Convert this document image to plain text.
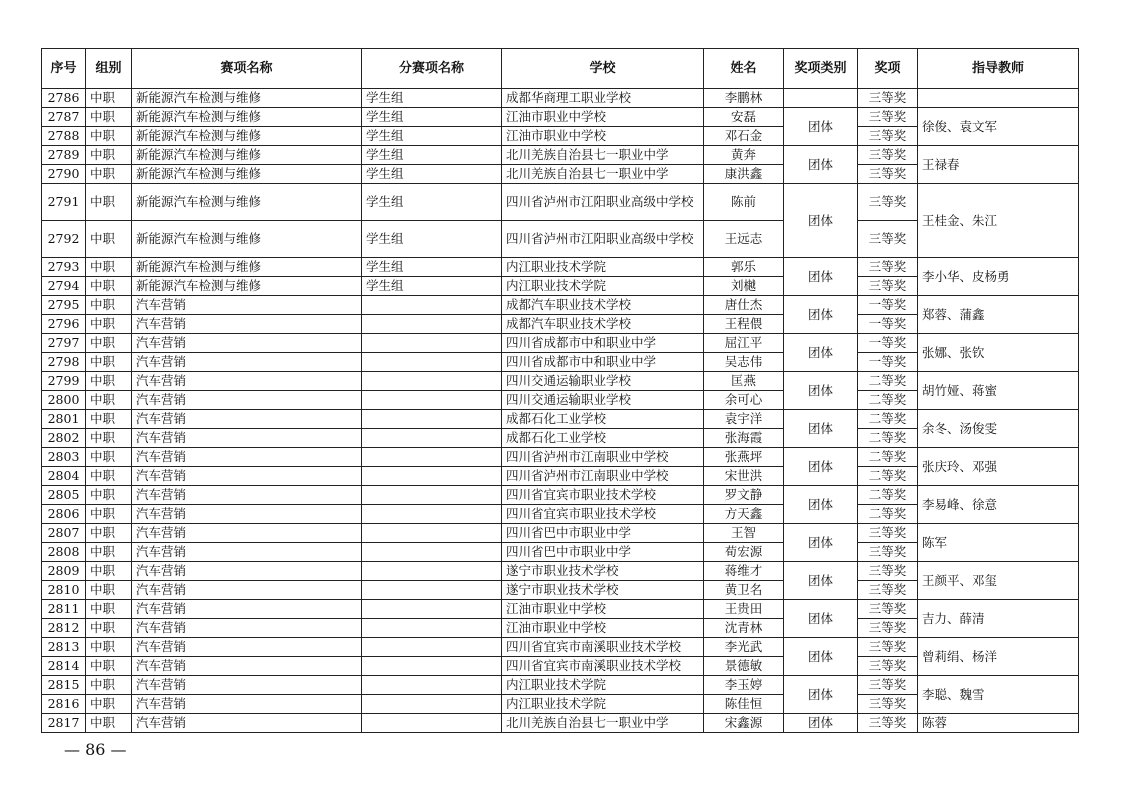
序号	组别	赛项名称	分赛项名称	学校	姓名	奖项类别	奖项	指导教师
2786	中职	新能源汽车检测与维修	学生组	成都华商理工职业学校	李鹏林		三等奖	
2787	中职	新能源汽车检测与维修	学生组	江油市职业中学校	安磊	团体	三等奖	徐俊、袁文军
2788	中职	新能源汽车检测与维修	学生组	江油市职业中学校	邓石金		三等奖	
2789	中职	新能源汽车检测与维修	学生组	北川羌族自治县七一职业中学	黄奔	团体	三等奖	王禄春
2790	中职	新能源汽车检测与维修	学生组	北川羌族自治县七一职业中学	康洪鑫		三等奖	
2791	中职	新能源汽车检测与维修	学生组	四川省泸州市江阳职业高级中学校	陈前	团体	三等奖	王桂金、朱江
2792	中职	新能源汽车检测与维修	学生组	四川省泸州市江阳职业高级中学校	王远志		三等奖	
2793	中职	新能源汽车检测与维修	学生组	内江职业技术学院	郭乐	团体	三等奖	李小华、皮杨勇
2794	中职	新能源汽车检测与维修	学生组	内江职业技术学院	刘樾		三等奖	
2795	中职	汽车营销		成都汽车职业技术学校	唐仕杰	团体	一等奖	郑蓉、蒲鑫
2796	中职	汽车营销		成都汽车职业技术学校	王程偎		一等奖	
2797	中职	汽车营销		四川省成都市中和职业中学	屈江平	团体	一等奖	张娜、张钦
2798	中职	汽车营销		四川省成都市中和职业中学	吴志伟		一等奖	
2799	中职	汽车营销		四川交通运输职业学校	匡燕	团体	二等奖	胡竹娅、蒋蜜
2800	中职	汽车营销		四川交通运输职业学校	余可心		二等奖	
2801	中职	汽车营销		成都石化工业学校	袁宇洋	团体	二等奖	余冬、汤俊雯
2802	中职	汽车营销		成都石化工业学校	张海霞		二等奖	
2803	中职	汽车营销		四川省泸州市江南职业中学校	张燕坪	团体	二等奖	张庆玲、邓强
2804	中职	汽车营销		四川省泸州市江南职业中学校	宋世洪		二等奖	
2805	中职	汽车营销		四川省宜宾市职业技术学校	罗文静	团体	二等奖	李易峰、徐意
2806	中职	汽车营销		四川省宜宾市职业技术学校	方天鑫		二等奖	
2807	中职	汽车营销		四川省巴中市职业中学	王智	团体	三等奖	陈军
2808	中职	汽车营销		四川省巴中市职业中学	荀宏源		三等奖	
2809	中职	汽车营销		遂宁市职业技术学校	蒋维才	团体	三等奖	王颜平、邓玺
2810	中职	汽车营销		遂宁市职业技术学校	黄卫名		三等奖	
2811	中职	汽车营销		江油市职业中学校	王贵田	团体	三等奖	吉力、薛清
2812	中职	汽车营销		江油市职业中学校	沈青林		三等奖	
2813	中职	汽车营销		四川省宜宾市南溪职业技术学校	李光武	团体	三等奖	曾莉绢、杨洋
2814	中职	汽车营销		四川省宜宾市南溪职业技术学校	景德敏		三等奖	
2815	中职	汽车营销		内江职业技术学院	李玉婷	团体	三等奖	李聪、魏雪
2816	中职	汽车营销		内江职业技术学院	陈佳恒		三等奖	
2817	中职	汽车营销		北川羌族自治县七一职业中学	宋鑫源	团体	三等奖	陈蓉
— 86 —
